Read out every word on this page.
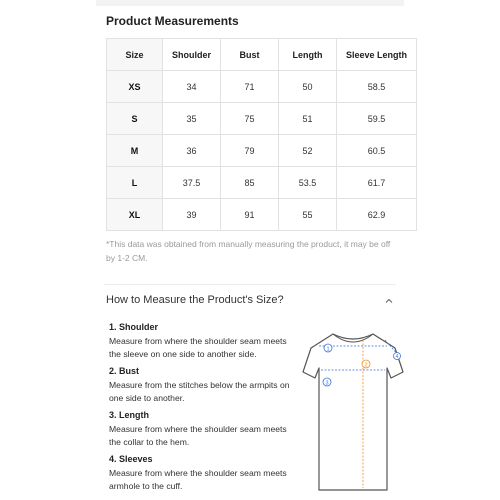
Product Measurements
Size	Shoulder	Bust	Length	Sleeve Length
XS	34	71	50	58.5
S	35	75	51	59.5
M	36	79	52	60.5
L	37.5	85	53.5	61.7
XL	39	91	55	62.9
*This data was obtained from manually measuring the product, it may be off by 1-2 CM.
How to Measure the Product's Size?
1. Shoulder
Measure from where the shoulder seam meets the sleeve on one side to another side.
2. Bust
Measure from the stitches below the armpits on one side to another.
3. Length
Measure from where the shoulder seam meets the collar to the hem.
4. Sleeves
Measure from where the shoulder seam meets armhole to the cuff.
1
2
3
4
